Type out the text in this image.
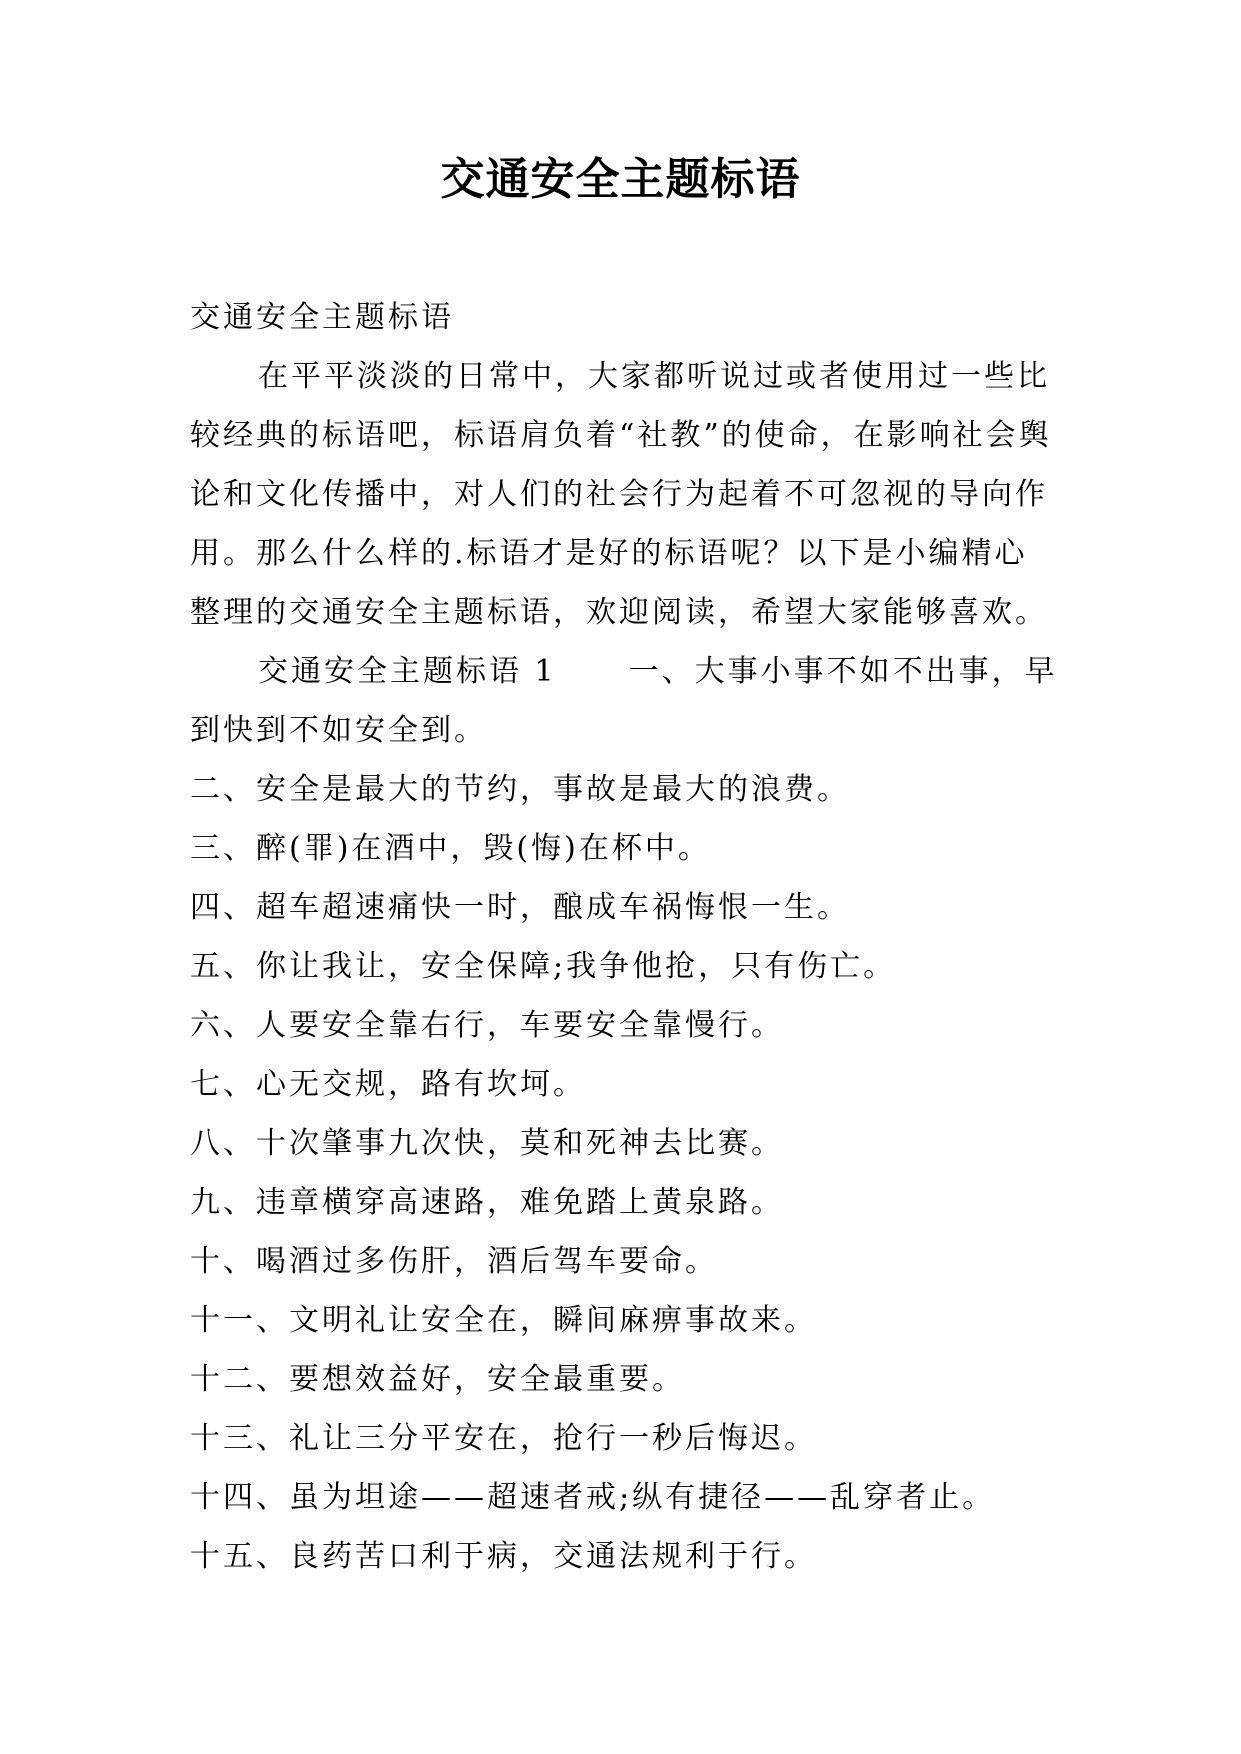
交通安全主题标语

交通安全主题标语

在平平淡淡的日常中，大家都听说过或者使用过一些比较经典的标语吧，标语肩负着“社教”的使命，在影响社会舆论和文化传播中，对人们的社会行为起着不可忽视的导向作用。那么什么样的.标语才是好的标语呢？以下是小编精心整理的交通安全主题标语，欢迎阅读，希望大家能够喜欢。

交通安全主题标语 1 一、大事小事不如不出事，早到快到不如安全到。

二、安全是最大的节约，事故是最大的浪费。

三、醉(罪)在酒中，毁(悔)在杯中。

四、超车超速痛快一时，酿成车祸悔恨一生。

五、你让我让，安全保障;我争他抢，只有伤亡。

六、人要安全靠右行，车要安全靠慢行。

七、心无交规，路有坎坷。

八、十次肇事九次快，莫和死神去比赛。

九、违章横穿高速路，难免踏上黄泉路。

十、喝酒过多伤肝，酒后驾车要命。

十一、文明礼让安全在，瞬间麻痹事故来。

十二、要想效益好，安全最重要。

十三、礼让三分平安在，抢行一秒后悔迟。

十四、虽为坦途——超速者戒;纵有捷径——乱穿者止。

十五、良药苦口利于病，交通法规利于行。
